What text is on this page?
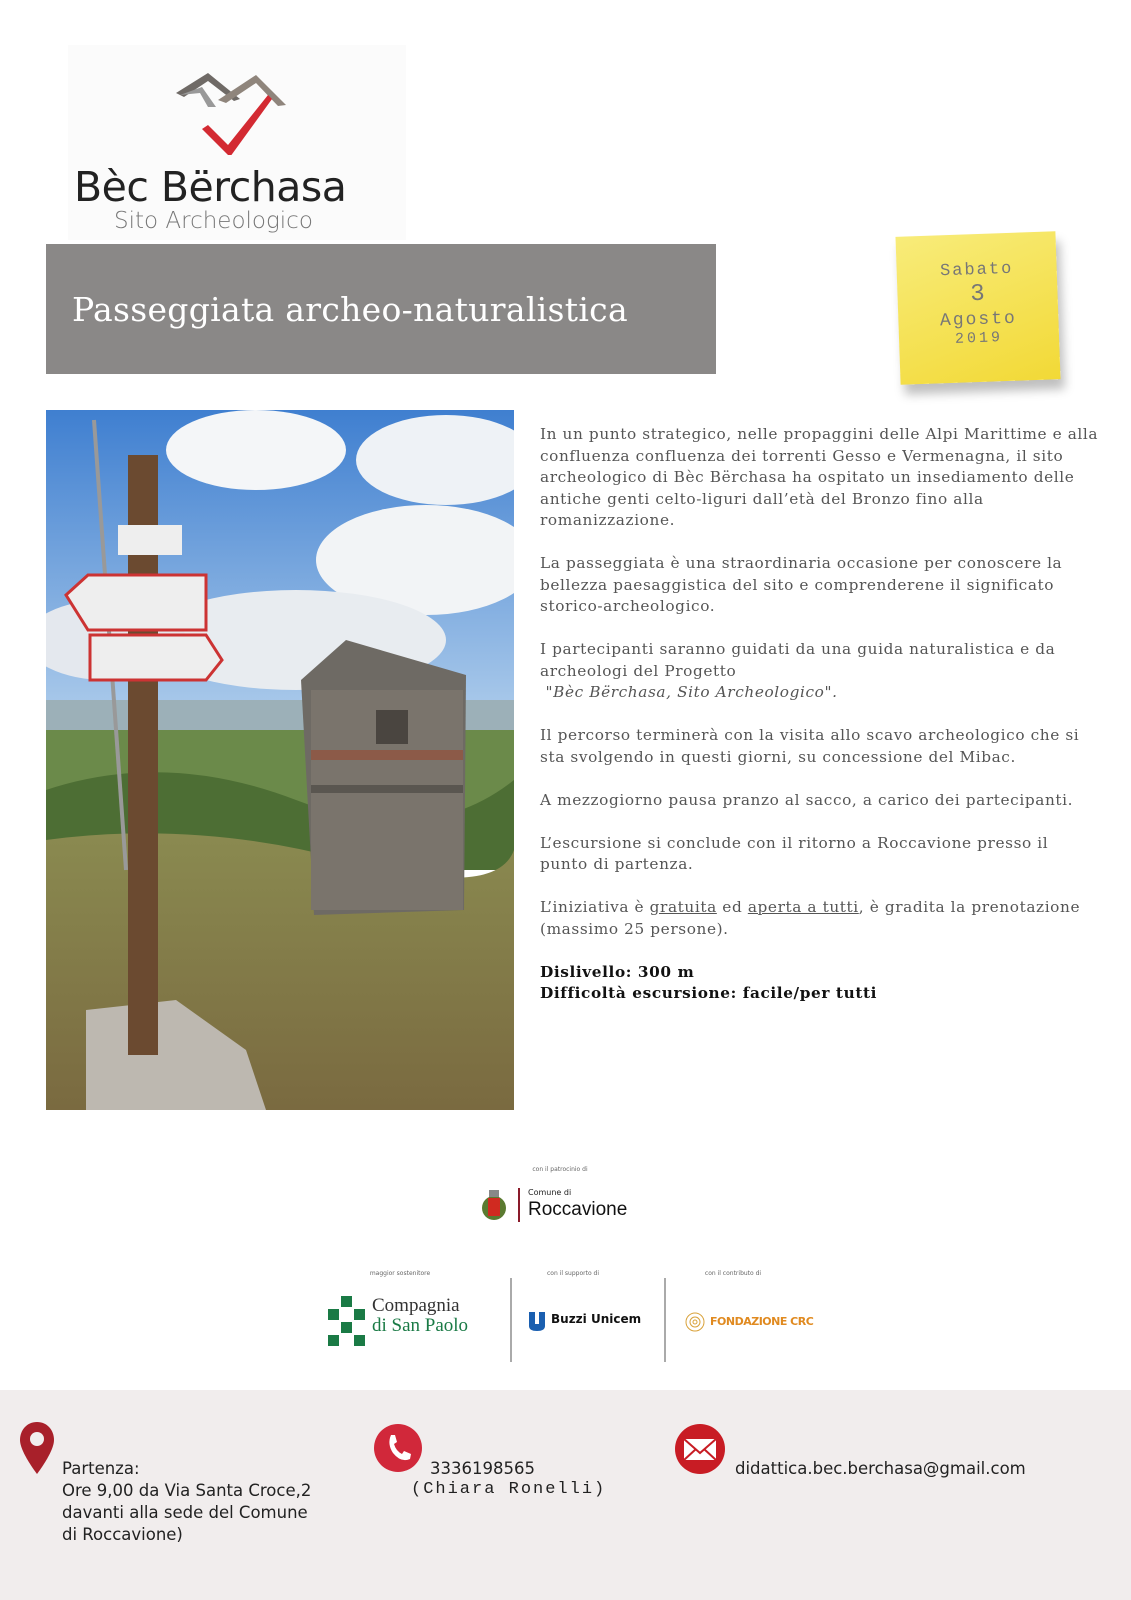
Bèc Bërchasa
Sito Archeologico
Passeggiata archeo-naturalistica
Sabato
3
Agosto
2019

In un punto strategico, nelle propaggini delle Alpi Marittime e alla confluenza confluenza dei torrenti Gesso e Vermenagna, il sito archeologico di Bèc Bërchasa ha ospitato un insediamento delle antiche genti celto-liguri dall’età del Bronzo fino alla romanizzazione.

La passeggiata è una straordinaria occasione per conoscere la bellezza paesaggistica del sito e comprenderene il significato storico-archeologico.

I partecipanti saranno guidati da una guida naturalistica e da archeologi del Progetto
"Bèc Bërchasa, Sito Archeologico".

Il percorso terminerà con la visita allo scavo archeologico che si sta svolgendo in questi giorni, su concessione del Mibac.

A mezzogiorno pausa pranzo al sacco, a carico dei partecipanti.

L’escursione si conclude con il ritorno a Roccavione presso il punto di partenza.

L’iniziativa è gratuita ed aperta a tutti, è gradita la prenotazione (massimo 25 persone).

Dislivello: 300 m

Difficoltà escursione: facile/per tutti

con il patrocinio di
Comune di
Roccavione
maggior sostenitore	con il supporto di	con il contributo di
Compagnia
di San Paolo	Buzzi Unicem	FONDAZIONE CRC
Partenza:
Ore 9,00 da Via Santa Croce,2
davanti alla sede del Comune
di Roccavione)
3336198565
(Chiara Ronelli)
didattica.bec.berchasa@gmail.com
